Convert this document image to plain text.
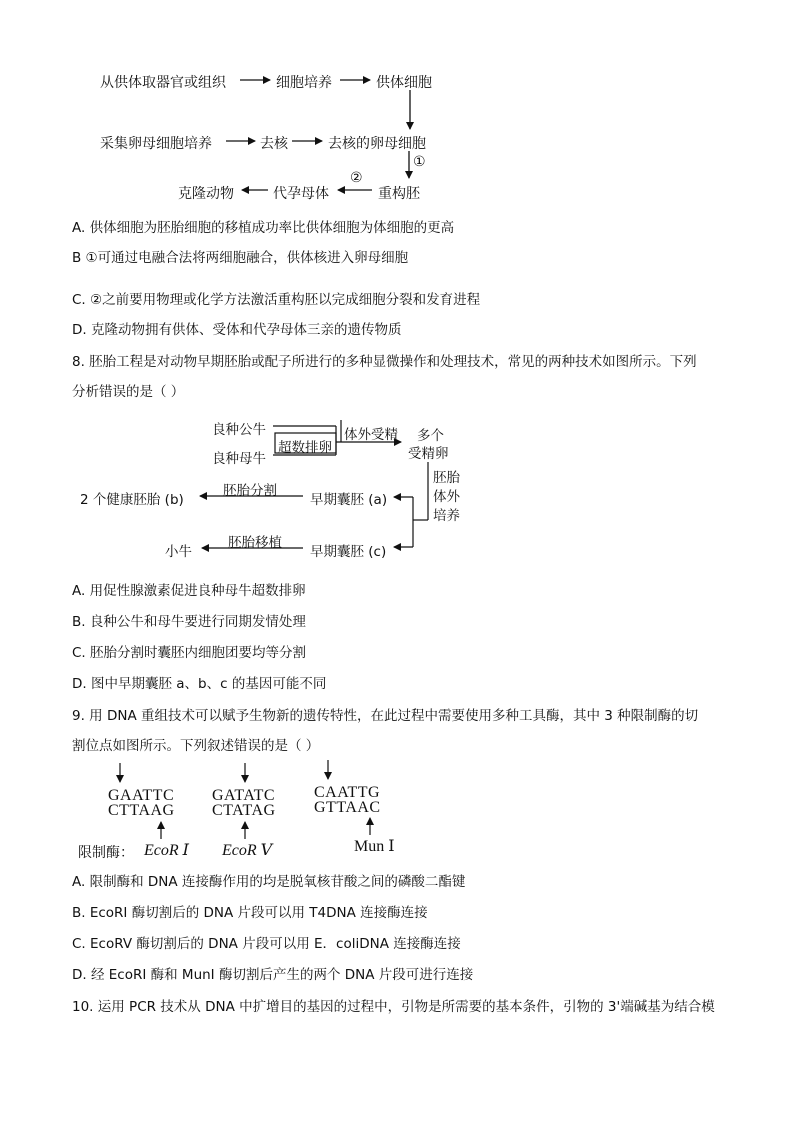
从供体取器官或组织	细胞培养	供体细胞
采集卵母细胞培养	去核	去核的卵母细胞
①
②
克隆动物	代孕母体	重构胚
A. 供体细胞为胚胎细胞的移植成功率比供体细胞为体细胞的更高
B ①可通过电融合法将两细胞融合，供体核进入卵母细胞
C. ②之前要用物理或化学方法激活重构胚以完成细胞分裂和发育进程
D. 克隆动物拥有供体、受体和代孕母体三亲的遗传物质
8. 胚胎工程是对动物早期胚胎或配子所进行的多种显微操作和处理技术，常见的两种技术如图所示。下列
分析错误的是（ ）
良种公牛
良种母牛
超数排卵
体外受精 多个
受精卵
胚胎
体外
培养
早期囊胚 (a)
早期囊胚 (c)
胚胎分割
胚胎移植
2 个健康胚胎 (b)
小牛
A. 用促性腺激素促进良种母牛超数排卵
B. 良种公牛和母牛要进行同期发情处理
C. 胚胎分割时囊胚内细胞团要均等分割
D. 图中早期囊胚 a、b、c 的基因可能不同
9. 用 DNA 重组技术可以赋予生物新的遗传特性，在此过程中需要使用多种工具酶，其中 3 种限制酶的切
割位点如图所示。下列叙述错误的是（ ）
GAATTC
CTTAAG
GATATC
CTATAG
CAATTG
GTTAAC
限制酶： EcoR Ⅰ EcoR Ⅴ	Mun Ⅰ
A. 限制酶和 DNA 连接酶作用的均是脱氧核苷酸之间的磷酸二酯键
B. EcoRI 酶切割后的 DNA 片段可以用 T4DNA 连接酶连接
C. EcoRV 酶切割后的 DNA 片段可以用 E．coliDNA 连接酶连接
D. 经 EcoRI 酶和 MunI 酶切割后产生的两个 DNA 片段可进行连接
10. 运用 PCR 技术从 DNA 中扩增目的基因的过程中，引物是所需要的基本条件，引物的 3'端碱基为结合模
